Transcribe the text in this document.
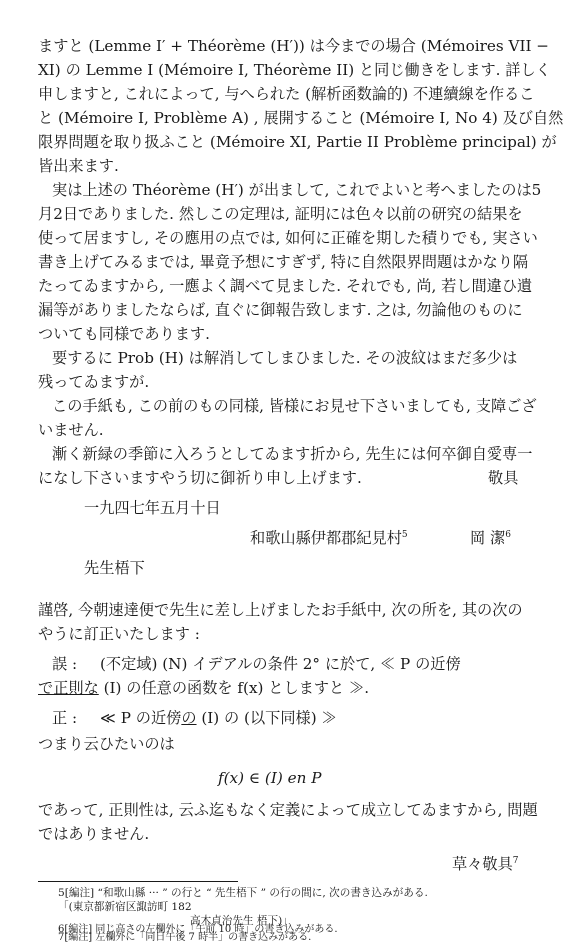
ますと (Lemme I′ + Théorème (H′)) は今までの場合 (Mémoires VII −
XI) の Lemme I (Mémoire I, Théorème II) と同じ働きをします. 詳しく
申しますと, これによって, 与へられた (解析函数論的) 不連續線を作るこ
と (Mémoire I, Problème A) , 展開すること (Mémoire I, No 4) 及び自然
限界問題を取り扱ふこと (Mémoire XI, Partie II Problème principal) が
皆出来ます.
実は上述の Théorème (H′) が出まして, これでよいと考へましたのは5
月2日でありました. 然しこの定理は, 証明には色々以前の研究の結果を
使って居ますし, その應用の点では, 如何に正確を期した積りでも, 実さい
書き上げてみるまでは, 畢竟予想にすぎず, 特に自然限界問題はかなり隔
たってゐますから, 一應よく調べて見ました. それでも, 尚, 若し間違ひ遺
漏等がありましたならば, 直ぐに御報告致します. 之は, 勿論他のものに
ついても同様であります.
要するに Prob (H) は解消してしまひました. その波紋はまだ多少は
残ってゐますが.
この手紙も, この前のもの同様, 皆様にお見せ下さいましても, 支障ござ
いません.
漸く新緑の季節に入ろうとしてゐます折から, 先生には何卒御自愛専一
になし下さいますやう切に御祈り申し上げます.	敬具
一九四七年五月十日
和歌山縣伊都郡紀見村$^5$	岡 潔$^6$
先生梧下
謹啓, 今朝速達便で先生に差し上げましたお手紙中, 次の所を, 其の次の
やうに訂正いたします :
誤 : (不定域) (N) イデアルの条件 2° に於て, ≪ P の近傍
で正則な (I) の任意の函数を f(x) としますと ≫.
正 : ≪ P の近傍の (I) の (以下同様) ≫
つまり云ひたいのは
f(x) ∈ (I) en P
であって, 正則性は, 云ふ迄もなく定義によって成立してゐますから, 問題
ではありません.
草々敬具$^7$
5[編注] “和歌山縣 ··· ” の行と “ 先生梧下 ” の行の間に, 次の書き込みがある.
「(東京都新宿区諏訪町 182
高木貞治先生 梧下)」
6[編注] 同じ高さの左欄外に「午前 10 時」の書き込みがある.
7[編注] 左欄外に「同日午後 7 時半」の書き込みがある.
